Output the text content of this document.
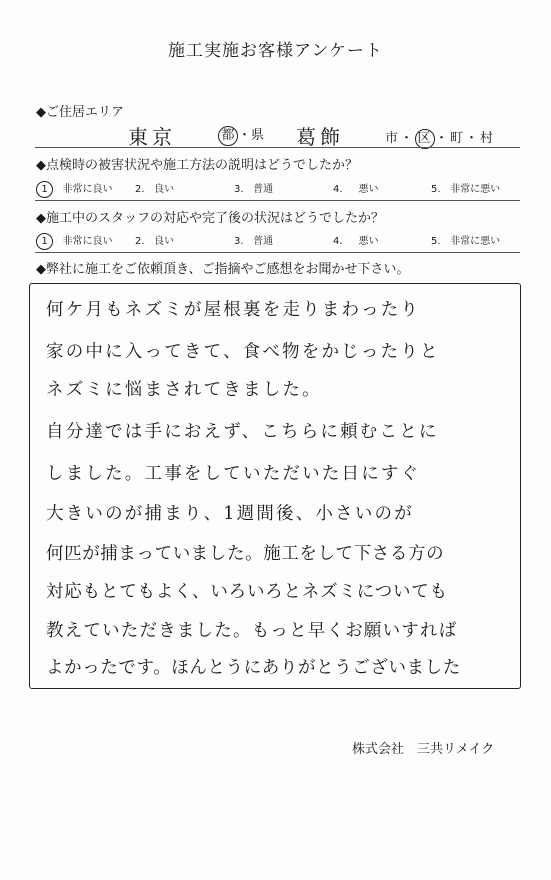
施工実施お客様アンケート
◆ご住居エリア
東京	都 ・県 葛飾	市・ 区 ・町・村
◆点検時の被害状況や施工方法の説明はどうでしたか？
1 非常に良い 2. 良い	3. 普通	4. 悪い	5. 非常に悪い
◆施工中のスタッフの対応や完了後の状況はどうでしたか？
1 非常に良い 2. 良い	3. 普通	4. 悪い	5. 非常に悪い
◆弊社に施工をご依頼頂き、ご指摘やご感想をお聞かせ下さい。
何ケ月もネズミが屋根裏を走りまわったり
家の中に入ってきて、食べ物をかじったりと
ネズミに悩まされてきました。
自分達では手におえず、こちらに頼むことに
しました。工事をしていただいた日にすぐ
大きいのが捕まり、1週間後、小さいのが
何匹が捕まっていました。施工をして下さる方の
対応もとてもよく、いろいろとネズミについても
教えていただきました。もっと早くお願いすれば
よかったです。ほんとうにありがとうございました
株式会社　三共リメイク
